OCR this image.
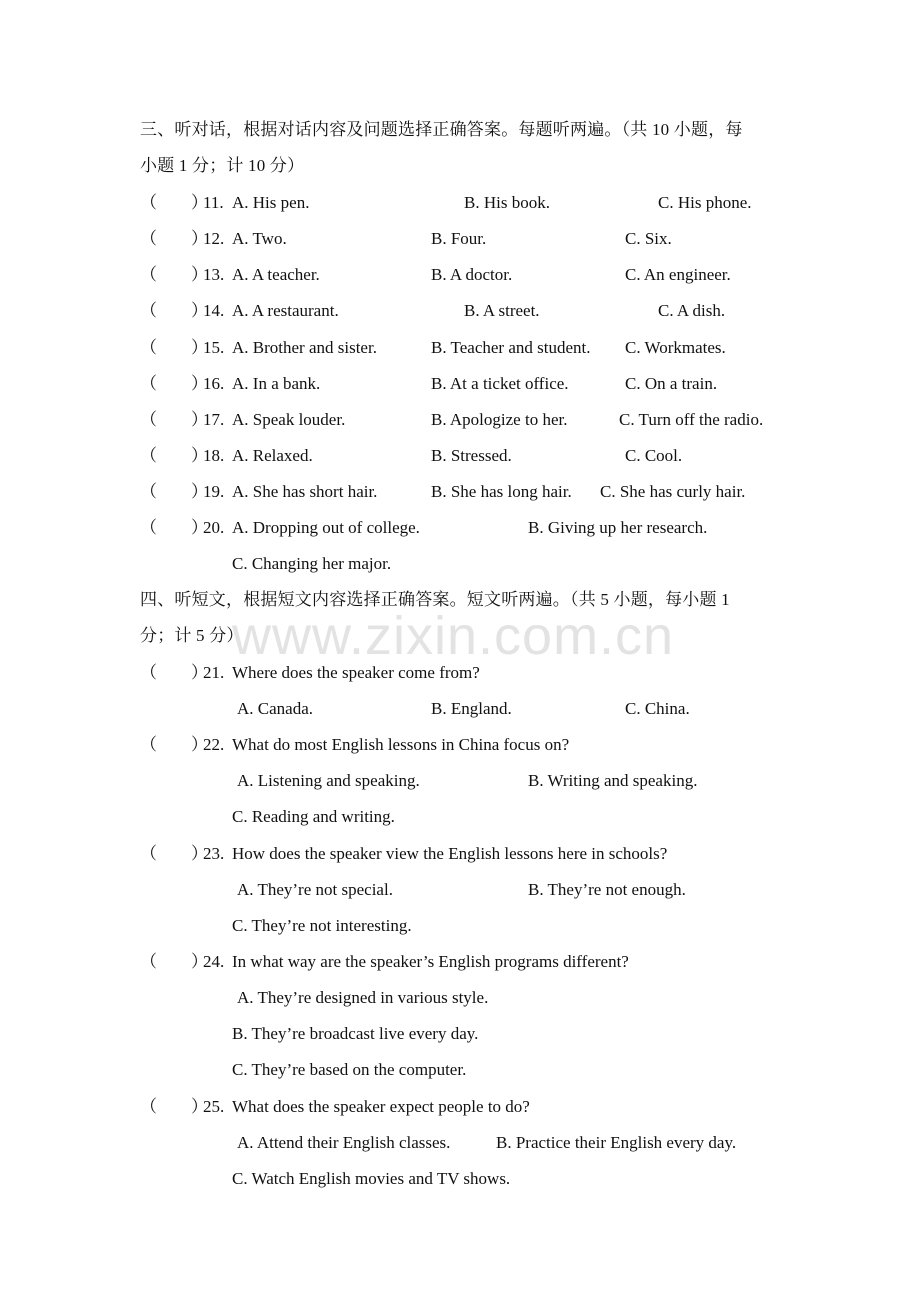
www.zixin.com.cn
三、听对话，根据对话内容及问题选择正确答案。每题听两遍。（共 10 小题，每
小题 1 分；计 10 分）
（　　）
11. A. His pen.	B. His book.	C. His phone.
（　　）
12. A. Two.	B. Four.	C. Six.
（　　）
13. A. A teacher.	B. A doctor.	C. An engineer.
（　　）
14. A. A restaurant.	B. A street.	C. A dish.
（　　）
15. A. Brother and sister.	B. Teacher and student. C. Workmates.
（　　）
16. A. In a bank.	B. At a ticket office.	C. On a train.
（　　）
17. A. Speak louder.	B. Apologize to her.	C. Turn off the radio.
（　　）
18. A. Relaxed.	B. Stressed.	C. Cool.
（　　）
19. A. She has short hair.	B. She has long hair. C. She has curly hair.
（　　）
20. A. Dropping out of college.	B. Giving up her research.
C. Changing her major.
四、听短文，根据短文内容选择正确答案。短文听两遍。（共 5 小题，每小题 1
分；计 5 分）
（　　）
21. Where does the speaker come from?
A. Canada.	B. England.	C. China.
（　　）
22. What do most English lessons in China focus on?
A. Listening and speaking.	B. Writing and speaking.
C. Reading and writing.
（　　）
23. How does the speaker view the English lessons here in schools?
A. They’re not special.	B. They’re not enough.
C. They’re not interesting.
（　　）
24. In what way are the speaker’s English programs different?
A. They’re designed in various style.
B. They’re broadcast live every day.
C. They’re based on the computer.
（　　）
25. What does the speaker expect people to do?
A. Attend their English classes.	B. Practice their English every day.
C. Watch English movies and TV shows.
